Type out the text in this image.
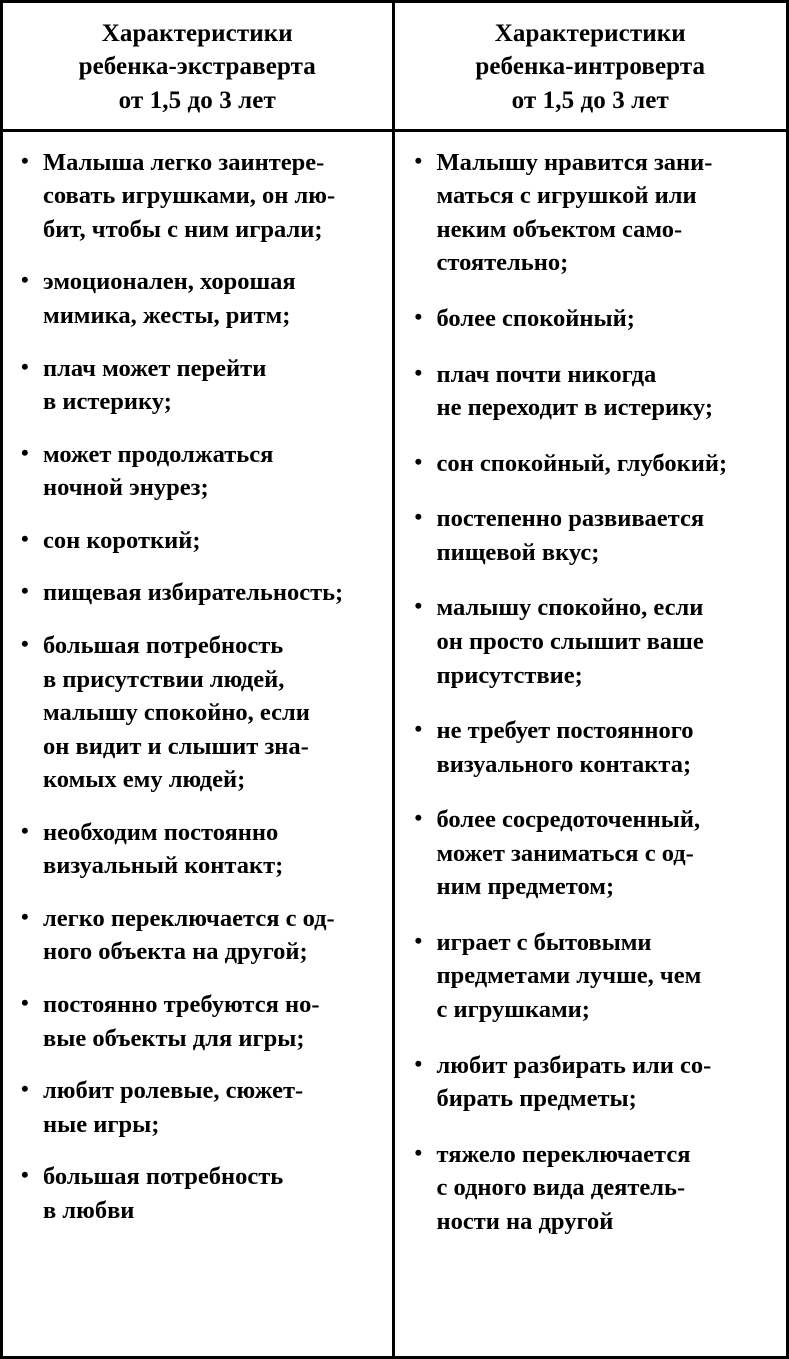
Характеристики
ребенка-экстраверта
от 1,5 до 3 лет
Характеристики
ребенка-интроверта
от 1,5 до 3 лет
• Малыша легко заинтере-
совать игрушками, он лю-
бит, чтобы с ним играли;
• эмоционален, хорошая
мимика, жесты, ритм;
• плач может перейти
в истерику;
• может продолжаться
ночной энурез;
• сон короткий;
• пищевая избирательность;
• большая потребность
в присутствии людей,
малышу спокойно, если
он видит и слышит зна-
комых ему людей;
• необходим постоянно
визуальный контакт;
• легко переключается с од-
ного объекта на другой;
• постоянно требуются но-
вые объекты для игры;
• любит ролевые, сюжет-
ные игры;
• большая потребность
в любви
• Малышу нравится зани-
маться с игрушкой или
неким объектом само-
стоятельно;
• более спокойный;
• плач почти никогда
не переходит в истерику;
• сон спокойный, глубокий;
• постепенно развивается
пищевой вкус;
• малышу спокойно, если
он просто слышит ваше
присутствие;
• не требует постоянного
визуального контакта;
• более сосредоточенный,
может заниматься с од-
ним предметом;
• играет с бытовыми
предметами лучше, чем
с игрушками;
• любит разбирать или со-
бирать предметы;
• тяжело переключается
с одного вида деятель-
ности на другой
